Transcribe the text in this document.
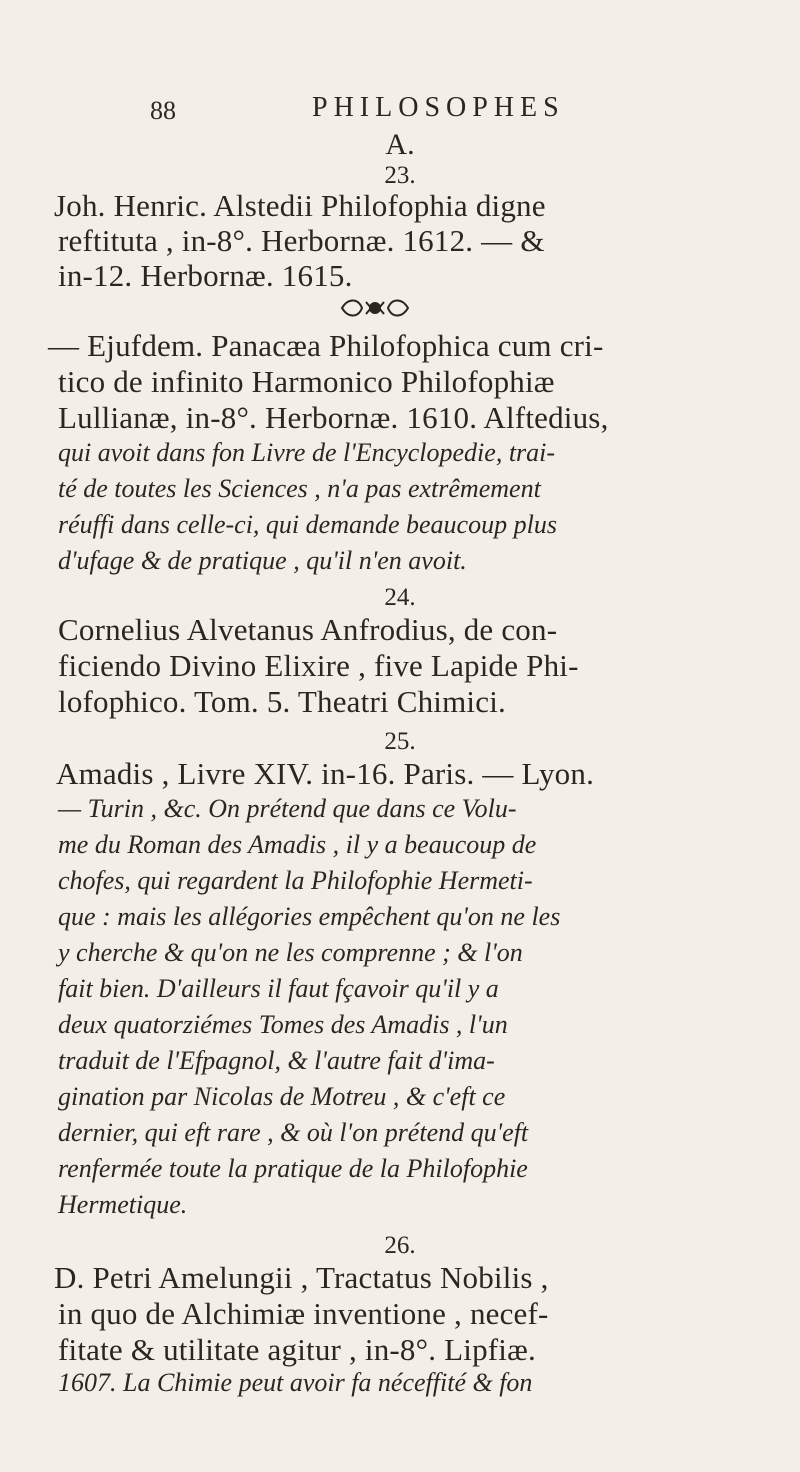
88	PHILOSOPHES
A.
23.
Joh. Henric. Alstedii Philofophia digne
reftituta , in-8°. Herbornæ. 1612. — &
in-12. Herbornæ. 1615.
— Ejufdem. Panacæa Philofophica cum cri-
tico de infinito Harmonico Philofophiæ
Lullianæ, in-8°. Herbornæ. 1610. Alftedius,
qui avoit dans fon Livre de l'Encyclopedie, trai-
té de toutes les Sciences , n'a pas extrêmement
réuffi dans celle-ci, qui demande beaucoup plus
d'ufage & de pratique , qu'il n'en avoit.
24.
Cornelius Alvetanus Anfrodius, de con-
ficiendo Divino Elixire , five Lapide Phi-
lofophico. Tom. 5. Theatri Chimici.
25.
Amadis , Livre XIV. in-16. Paris. — Lyon.
— Turin , &c. On prétend que dans ce Volu-
me du Roman des Amadis , il y a beaucoup de
chofes, qui regardent la Philofophie Hermeti-
que : mais les allégories empêchent qu'on ne les
y cherche & qu'on ne les comprenne ; & l'on
fait bien. D'ailleurs il faut fçavoir qu'il y a
deux quatorziémes Tomes des Amadis , l'un
traduit de l'Efpagnol, & l'autre fait d'ima-
gination par Nicolas de Motreu , & c'eft ce
dernier, qui eft rare , & où l'on prétend qu'eft
renfermée toute la pratique de la Philofophie
Hermetique.
26.
D. Petri Amelungii , Tractatus Nobilis ,
in quo de Alchimiæ inventione , necef-
fitate & utilitate agitur , in-8°. Lipfiæ.
1607. La Chimie peut avoir fa néceffité & fon
